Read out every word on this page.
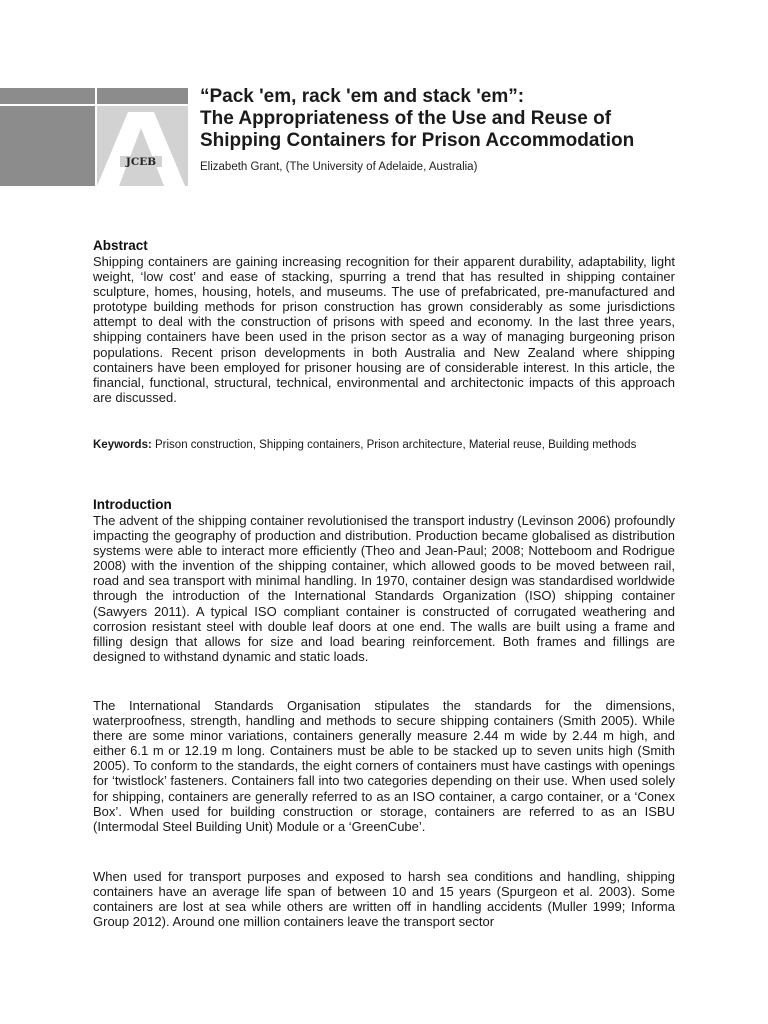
JCEB

“Pack 'em, rack 'em and stack 'em”:

The Appropriateness of the Use and Reuse of

Shipping Containers for Prison Accommodation

Elizabeth Grant, (The University of Adelaide, Australia)
Abstract

Shipping containers are gaining increasing recognition for their apparent durability, adaptability, light weight, ‘low cost’ and ease of stacking, spurring a trend that has resulted in shipping container sculpture, homes, housing, hotels, and museums. The use of prefabricated, pre-manufactured and prototype building methods for prison construction has grown considerably as some jurisdictions attempt to deal with the construction of prisons with speed and economy. In the last three years, shipping containers have been used in the prison sector as a way of managing burgeoning prison populations. Recent prison developments in both Australia and New Zealand where shipping containers have been employed for prisoner housing are of considerable interest. In this article, the financial, functional, structural, technical, environmental and architectonic impacts of this approach are discussed.

Keywords: Prison construction, Shipping containers, Prison architecture, Material reuse, Building methods
Introduction

The advent of the shipping container revolutionised the transport industry (Levinson 2006) profoundly impacting the geography of production and distribution. Production became globalised as distribution systems were able to interact more efficiently (Theo and Jean-Paul; 2008; Notteboom and Rodrigue 2008) with the invention of the shipping container, which allowed goods to be moved between rail, road and sea transport with minimal handling. In 1970, container design was standardised worldwide through the introduction of the International Standards Organization (ISO) shipping container (Sawyers 2011). A typical ISO compliant container is constructed of corrugated weathering and corrosion resistant steel with double leaf doors at one end. The walls are built using a frame and filling design that allows for size and load bearing reinforcement. Both frames and fillings are designed to withstand dynamic and static loads.

The International Standards Organisation stipulates the standards for the dimensions, waterproofness, strength, handling and methods to secure shipping containers (Smith 2005). While there are some minor variations, containers generally measure 2.44 m wide by 2.44 m high, and either 6.1 m or 12.19 m long. Containers must be able to be stacked up to seven units high (Smith 2005). To conform to the standards, the eight corners of containers must have castings with openings for ‘twistlock’ fasteners. Containers fall into two categories depending on their use. When used solely for shipping, containers are generally referred to as an ISO container, a cargo container, or a ‘Conex Box’. When used for building construction or storage, containers are referred to as an ISBU (Intermodal Steel Building Unit) Module or a ‘GreenCube’.

When used for transport purposes and exposed to harsh sea conditions and handling, shipping containers have an average life span of between 10 and 15 years (Spurgeon et al. 2003). Some containers are lost at sea while others are written off in handling accidents (Muller 1999; Informa Group 2012). Around one million containers leave the transport sector
